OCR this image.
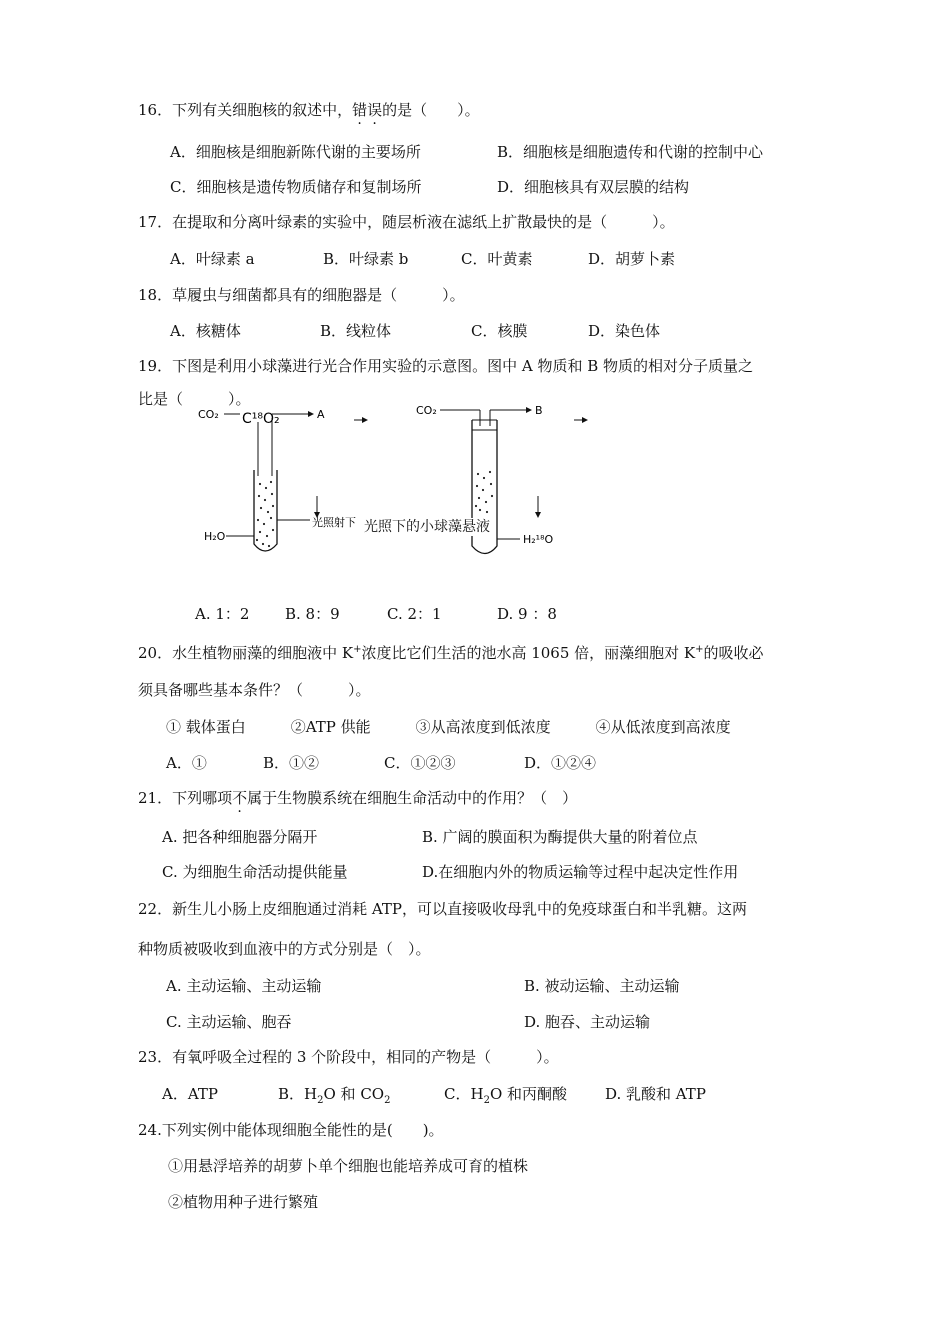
16．下列有关细胞核的叙述中，错误的是（　　）。
A．细胞核是细胞新陈代谢的主要场所	B．细胞核是细胞遗传和代谢的控制中心
C．细胞核是遗传物质储存和复制场所	D．细胞核具有双层膜的结构
17．在提取和分离叶绿素的实验中，随层析液在滤纸上扩散最快的是（　　　）。
A．叶绿素 a	B．叶绿素 b	C．叶黄素	D．胡萝卜素
18．草履虫与细菌都具有的细胞器是（　　　）。
A．核糖体	B．线粒体	C．核膜	D．染色体
19．下图是利用小球藻进行光合作用实验的示意图。图中 A 物质和 B 物质的相对分子质量之
比是（　　　）。
CO₂ C¹⁸O₂	A
H₂O
光照射下
CO₂	B
H₂¹⁸O
光照下的小球藻悬液
A. 1：2 B. 8：9	C. 2：1	D. 9 ：8
20．水生植物丽藻的细胞液中 K+浓度比它们生活的池水高 1065 倍，丽藻细胞对 K+的吸收必
须具备哪些基本条件？（　　　）。
① 载体蛋白　　　②ATP 供能　　　③从高浓度到低浓度　　　④从低浓度到高浓度
A．①	B．①②	C．①②③	D．①②④
21．下列哪项不属于生物膜系统在细胞生命活动中的作用？（　）
A. 把各种细胞器分隔开	B. 广阔的膜面积为酶提供大量的附着位点
C. 为细胞生命活动提供能量	D.在细胞内外的物质运输等过程中起决定性作用
22．新生儿小肠上皮细胞通过消耗 ATP，可以直接吸收母乳中的免疫球蛋白和半乳糖。这两
种物质被吸收到血液中的方式分别是（　）。
A. 主动运输、主动运输	B. 被动运输、主动运输
C. 主动运输、胞吞	D. 胞吞、主动运输
23．有氧呼吸全过程的 3 个阶段中，相同的产物是（　　　）。
A．ATP	B．$H_2O$ 和 $CO_2$	C．$H_2O$ 和丙酮酸	D. 乳酸和 ATP
24.下列实例中能体现细胞全能性的是(　　)。
①用悬浮培养的胡萝卜单个细胞也能培养成可育的植株
②植物用种子进行繁殖
